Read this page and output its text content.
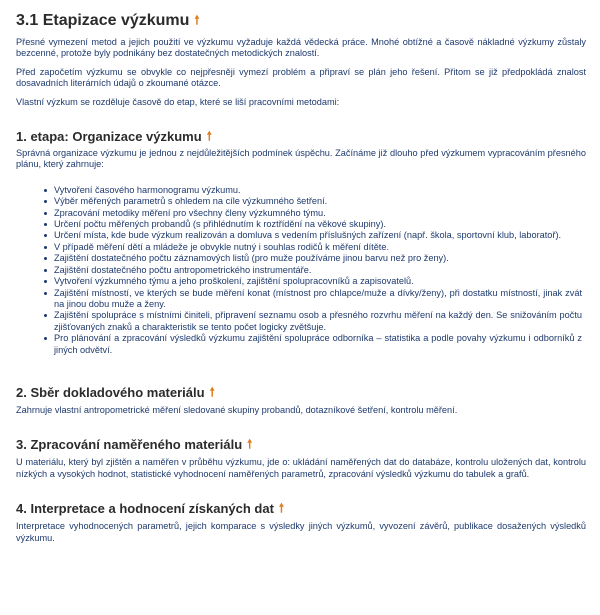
3.1 Etapizace výzkumu 🠕

Přesné vymezení metod a jejich použití ve výzkumu vyžaduje každá vědecká práce. Mnohé obtížné a časově nákladné výzkumy zůstaly bezcenné, protože byly podnikány bez dostatečných metodických znalostí.

Před započetím výzkumu se obvykle co nejpřesněji vymezí problém a připraví se plán jeho řešení. Přitom se již předpokládá znalost dosavadních literárních údajů o zkoumané otázce.

Vlastní výzkum se rozděluje časově do etap, které se liší pracovními metodami:

1. etapa: Organizace výzkumu 🠕

Správná organizace výzkumu je jednou z nejdůležitějších podmínek úspěchu. Začínáme již dlouho před výzkumem vypracováním přesného plánu, který zahrnuje:

Vytvoření časového harmonogramu výzkumu.
Výběr měřených parametrů s ohledem na cíle výzkumného šetření.
Zpracování metodiky měření pro všechny členy výzkumného týmu.
Určení počtu měřených probandů (s přihlédnutím k roztřídění na věkové skupiny).
Určení místa, kde bude výzkum realizován a domluva s vedením příslušných zařízení (např. škola, sportovní klub, laboratoř).
V případě měření dětí a mládeže je obvykle nutný i souhlas rodičů k měření dítěte.
Zajištění dostatečného počtu záznamových listů (pro muže používáme jinou barvu než pro ženy).
Zajištění dostatečného počtu antropometrického instrumentáře.
Vytvoření výzkumného týmu a jeho proškolení, zajištění spolupracovníků a zapisovatelů.
Zajištění místností, ve kterých se bude měření konat (místnost pro chlapce/muže a dívky/ženy), při dostatku místností, jinak zvát na jinou dobu muže a ženy.
Zajištění spolupráce s místními činiteli, připravení seznamu osob a přesného rozvrhu měření na každý den. Se snižováním počtu zjišťovaných znaků a charakteristik se tento počet logicky zvětšuje.
Pro plánování a zpracování výsledků výzkumu zajištění spolupráce odborníka – statistika a podle povahy výzkumu i odborníků z jiných odvětví.
2. Sběr dokladového materiálu 🠕

Zahrnuje vlastní antropometrické měření sledované skupiny probandů, dotazníkové šetření, kontrolu měření.

3. Zpracování naměřeného materiálu 🠕

U materiálu, který byl zjištěn a naměřen v průběhu výzkumu, jde o: ukládání naměřených dat do databáze, kontrolu uložených dat, kontrolu nízkých a vysokých hodnot, statistické vyhodnocení naměřených parametrů, zpracování výsledků výzkumu do tabulek a grafů.

4. Interpretace a hodnocení získaných dat 🠕

Interpretace vyhodnocených parametrů, jejich komparace s výsledky jiných výzkumů, vyvození závěrů, publikace dosažených výsledků výzkumu.
